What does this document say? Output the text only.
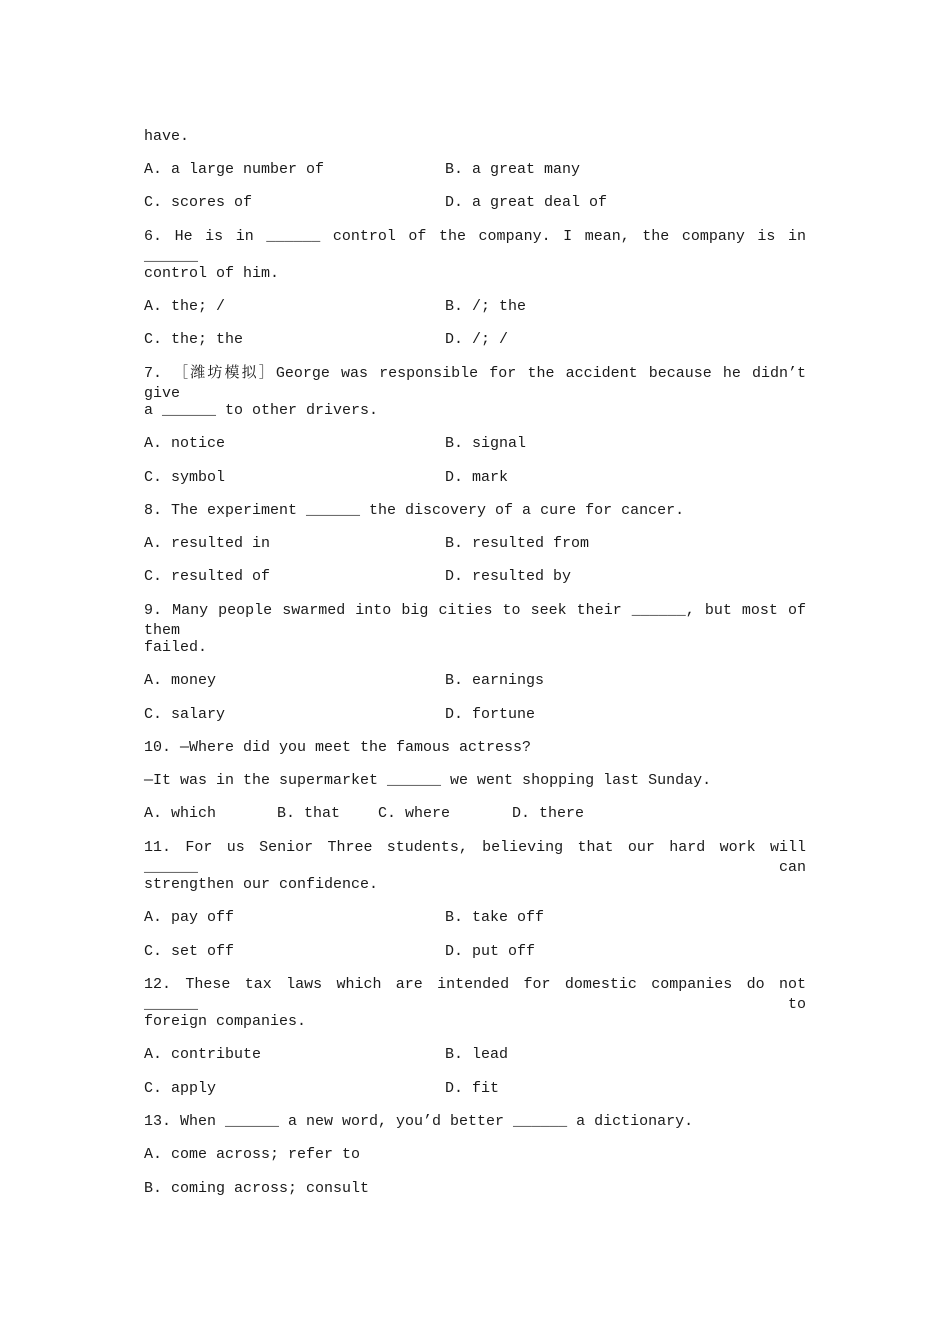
have.
A. a large number of	B. a great many
C. scores of	D. a great deal of
6. He is in ______ control of the company. I mean, the company is in ______
control of him.
A. the; /	B. /; the
C. the; the	D. /; /
7. ［潍坊模拟］George was responsible for the accident because he didn’t give
a ______ to other drivers.
A. notice	B. signal
C. symbol	D. mark
8. The experiment ______ the discovery of a cure for cancer.
A. resulted in	B. resulted from
C. resulted of	D. resulted by
9. Many people swarmed into big cities to seek their ______, but most of them
failed.
A. money	B. earnings
C. salary	D. fortune
10. —Where did you meet the famous actress?
—It was in the supermarket ______ we went shopping last Sunday.
A. which	B. that	C. where	D. there
11. For us Senior Three students, believing that our hard work will ______ can
strengthen our confidence.
A. pay off	B. take off
C. set off	D. put off
12. These tax laws which are intended for domestic companies do not ______ to
foreign companies.
A. contribute	B. lead
C. apply	D. fit
13. When ______ a new word, you’d better ______ a dictionary.
A. come across; refer to
B. coming across; consult
